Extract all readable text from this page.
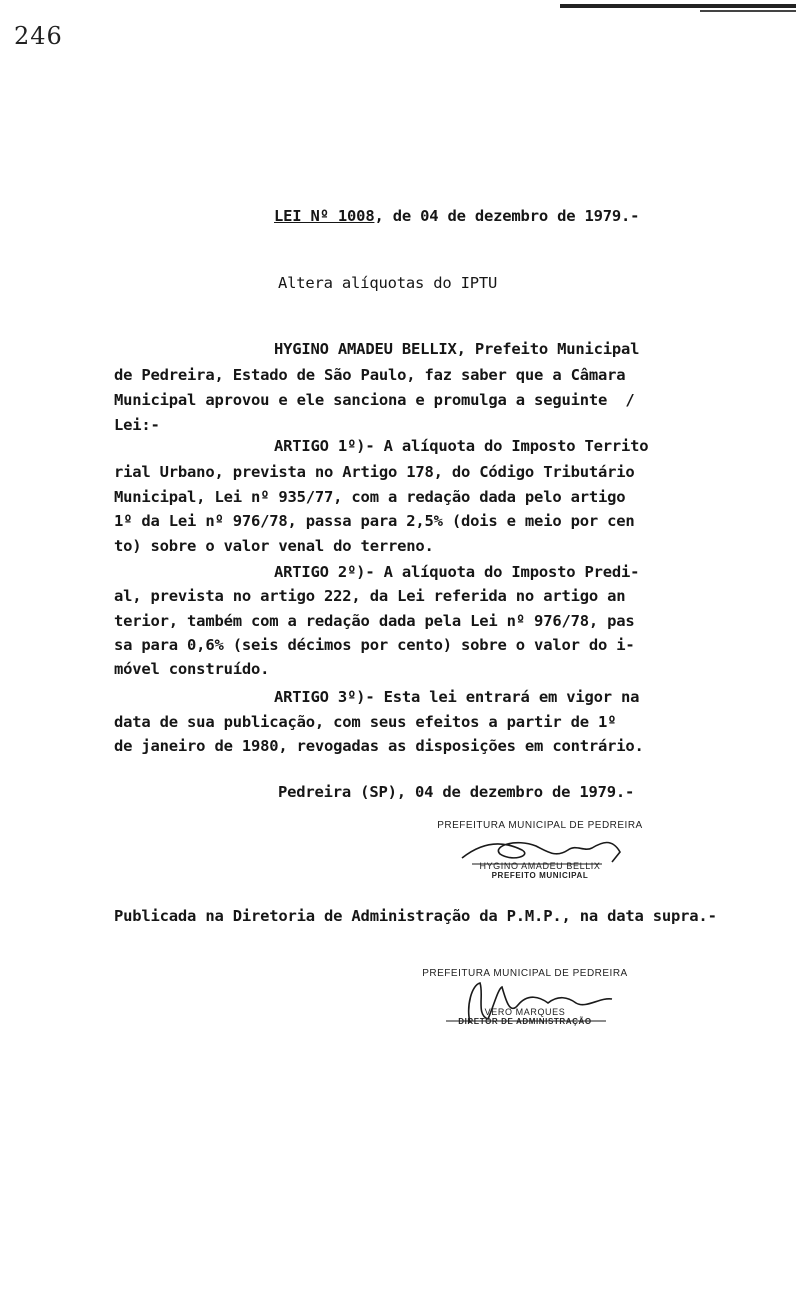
246
LEI Nº 1008, de 04 de dezembro de 1979.-
Altera alíquotas do IPTU
HYGINO AMADEU BELLIX, Prefeito Municipal
de Pedreira, Estado de São Paulo, faz saber que a Câmara
Municipal aprovou e ele sanciona e promulga a seguinte  /
Lei:-
ARTIGO 1º)- A alíquota do Imposto Territo
rial Urbano, prevista no Artigo 178, do Código Tributário
Municipal, Lei nº 935/77, com a redação dada pelo artigo
1º da Lei nº 976/78, passa para 2,5% (dois e meio por cen
to) sobre o valor venal do terreno.
ARTIGO 2º)- A alíquota do Imposto Predi-
al, prevista no artigo 222, da Lei referida no artigo an
terior, também com a redação dada pela Lei nº 976/78, pas
sa para 0,6% (seis décimos por cento) sobre o valor do i-
móvel construído.
ARTIGO 3º)- Esta lei entrará em vigor na
data de sua publicação, com seus efeitos a partir de 1º
de janeiro de 1980, revogadas as disposições em contrário.
Pedreira (SP), 04 de dezembro de 1979.-
PREFEITURA MUNICIPAL DE PEDREIRA
HYGINO AMADEU BELLIX
PREFEITO MUNICIPAL
Publicada na Diretoria de Administração da P.M.P., na data supra.-
PREFEITURA MUNICIPAL DE PEDREIRA
VERO MARQUES
DIRETOR DE ADMINISTRAÇÃO
